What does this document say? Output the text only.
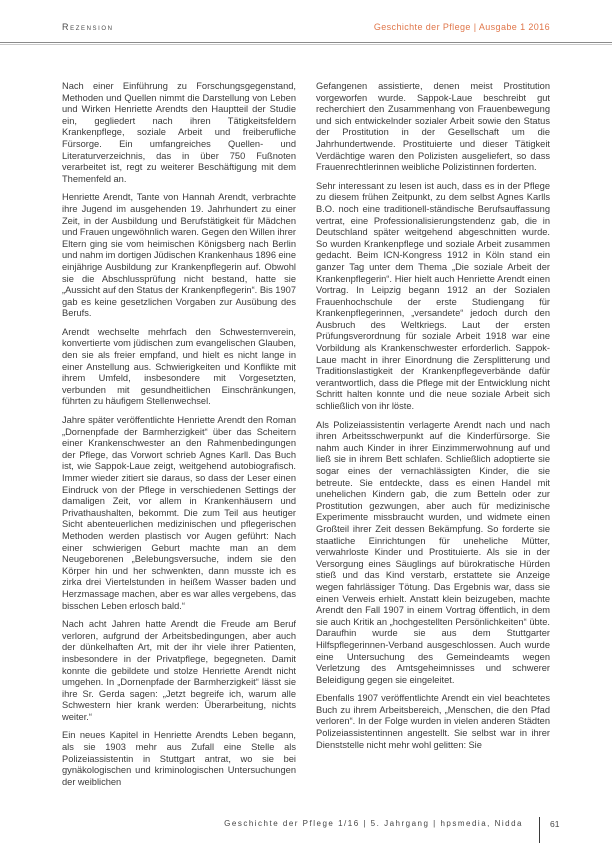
Rezension	Geschichte der Pflege | Ausgabe 1 2016

Nach einer Einführung zu Forschungsgegenstand, Methoden und Quellen nimmt die Darstellung von Leben und Wirken Henriette Arendts den Hauptteil der Studie ein, gegliedert nach ihren Tätigkeitsfeldern Krankenpflege, soziale Arbeit und freiberufliche Fürsorge. Ein umfangreiches Quellen- und Literaturverzeichnis, das in über 750 Fußnoten verarbeitet ist, regt zu weiterer Beschäftigung mit dem Themenfeld an.

Henriette Arendt, Tante von Hannah Arendt, verbrachte ihre Jugend im ausgehenden 19. Jahrhundert zu einer Zeit, in der Ausbildung und Berufstätigkeit für Mädchen und Frauen ungewöhnlich waren. Gegen den Willen ihrer Eltern ging sie vom heimischen Königsberg nach Berlin und nahm im dortigen Jüdischen Krankenhaus 1896 eine einjährige Ausbildung zur Krankenpflegerin auf. Obwohl sie die Abschlussprüfung nicht bestand, hatte sie „Aussicht auf den Status der Krankenpflegerin“. Bis 1907 gab es keine gesetzlichen Vorgaben zur Ausübung des Berufs.

Arendt wechselte mehrfach den Schwesternverein, konvertierte vom jüdischen zum evangelischen Glauben, den sie als freier empfand, und hielt es nicht lange in einer Anstellung aus. Schwierigkeiten und Konflikte mit ihrem Umfeld, insbesondere mit Vorgesetzten, verbunden mit gesundheitlichen Einschränkungen, führten zu häufigem Stellenwechsel.

Jahre später veröffentlichte Henriette Arendt den Roman „Dornenpfade der Barmherzigkeit“ über das Scheitern einer Krankenschwester an den Rahmenbedingungen der Pflege, das Vorwort schrieb Agnes Karll. Das Buch ist, wie Sappok-Laue zeigt, weitgehend autobiografisch. Immer wieder zitiert sie daraus, so dass der Leser einen Eindruck von der Pflege in verschiedenen Settings der damaligen Zeit, vor allem in Krankenhäusern und Privathaushalten, bekommt. Die zum Teil aus heutiger Sicht abenteuerlichen medizinischen und pflegerischen Methoden werden plastisch vor Augen geführt: Nach einer schwierigen Geburt machte man an dem Neugeborenen „Belebungsversuche, indem sie den Körper hin und her schwenkten, dann musste ich es zirka drei Viertelstunden in heißem Wasser baden und Herzmassage machen, aber es war alles vergebens, das bisschen Leben erlosch bald.“

Nach acht Jahren hatte Arendt die Freude am Beruf verloren, aufgrund der Arbeitsbedingungen, aber auch der dünkelhaften Art, mit der ihr viele ihrer Patienten, insbesondere in der Privatpflege, begegneten. Damit konnte die gebildete und stolze Henriette Arendt nicht umgehen. In „Dornenpfade der Barmherzigkeit“ lässt sie ihre Sr. Gerda sagen: „Jetzt begreife ich, warum alle Schwestern hier krank werden: Überarbeitung, nichts weiter.“

Ein neues Kapitel in Henriette Arendts Leben begann, als sie 1903 mehr aus Zufall eine Stelle als Polizeiassistentin in Stuttgart antrat, wo sie bei gynäkologischen und kriminologischen Untersuchungen der weiblichen

Gefangenen assistierte, denen meist Prostitution vorgeworfen wurde. Sappok-Laue beschreibt gut recherchiert den Zusammenhang von Frauenbewegung und sich entwickelnder sozialer Arbeit sowie den Status der Prostitution in der Gesellschaft um die Jahrhundertwende. Prostituierte und dieser Tätigkeit Verdächtige waren den Polizisten ausgeliefert, so dass Frauenrechtlerinnen weibliche Polizistinnen forderten.

Sehr interessant zu lesen ist auch, dass es in der Pflege zu diesem frühen Zeitpunkt, zu dem selbst Agnes Karlls B.O. noch eine traditionell-ständische Berufsauffassung vertrat, eine Professionalisierungstendenz gab, die in Deutschland später weitgehend abgeschnitten wurde. So wurden Krankenpflege und soziale Arbeit zusammen gedacht. Beim ICN-Kongress 1912 in Köln stand ein ganzer Tag unter dem Thema „Die soziale Arbeit der Krankenpflegerin“. Hier hielt auch Henriette Arendt einen Vortrag. In Leipzig begann 1912 an der Sozialen Frauenhochschule der erste Studiengang für Krankenpflegerinnen, „versandete“ jedoch durch den Ausbruch des Weltkriegs. Laut der ersten Prüfungsverordnung für soziale Arbeit 1918 war eine Vorbildung als Krankenschwester erforderlich. Sappok-Laue macht in ihrer Einordnung die Zersplitterung und Traditionslastigkeit der Krankenpflegeverbände dafür verantwortlich, dass die Pflege mit der Entwicklung nicht Schritt halten konnte und die neue soziale Arbeit sich schließlich von ihr löste.

Als Polizeiassistentin verlagerte Arendt nach und nach ihren Arbeitsschwerpunkt auf die Kinderfürsorge. Sie nahm auch Kinder in ihrer Einzimmerwohnung auf und ließ sie in ihrem Bett schlafen. Schließlich adoptierte sie sogar eines der vernachlässigten Kinder, die sie betreute. Sie entdeckte, dass es einen Handel mit unehelichen Kindern gab, die zum Betteln oder zur Prostitution gezwungen, aber auch für medizinische Experimente missbraucht wurden, und widmete einen Großteil ihrer Zeit dessen Bekämpfung. So forderte sie staatliche Einrichtungen für uneheliche Mütter, verwahrloste Kinder und Prostituierte. Als sie in der Versorgung eines Säuglings auf bürokratische Hürden stieß und das Kind verstarb, erstattete sie Anzeige wegen fahrlässiger Tötung. Das Ergebnis war, dass sie einen Verweis erhielt. Anstatt klein beizugeben, machte Arendt den Fall 1907 in einem Vortrag öffentlich, in dem sie auch Kritik an „hochgestellten Persönlichkeiten“ übte. Daraufhin wurde sie aus dem Stuttgarter Hilfspflegerinnen-Verband ausgeschlossen. Auch wurde eine Untersuchung des Gemeindeamts wegen Verletzung des Amtsgeheimnisses und schwerer Beleidigung gegen sie eingeleitet.

Ebenfalls 1907 veröffentlichte Arendt ein viel beachtetes Buch zu ihrem Arbeitsbereich, „Menschen, die den Pfad verloren“. In der Folge wurden in vielen anderen Städten Polizeiassistentinnen angestellt. Sie selbst war in ihrer Dienststelle nicht mehr wohl gelitten: Sie

Geschichte der Pflege 1/16 | 5. Jahrgang | hpsmedia, Nidda	61
